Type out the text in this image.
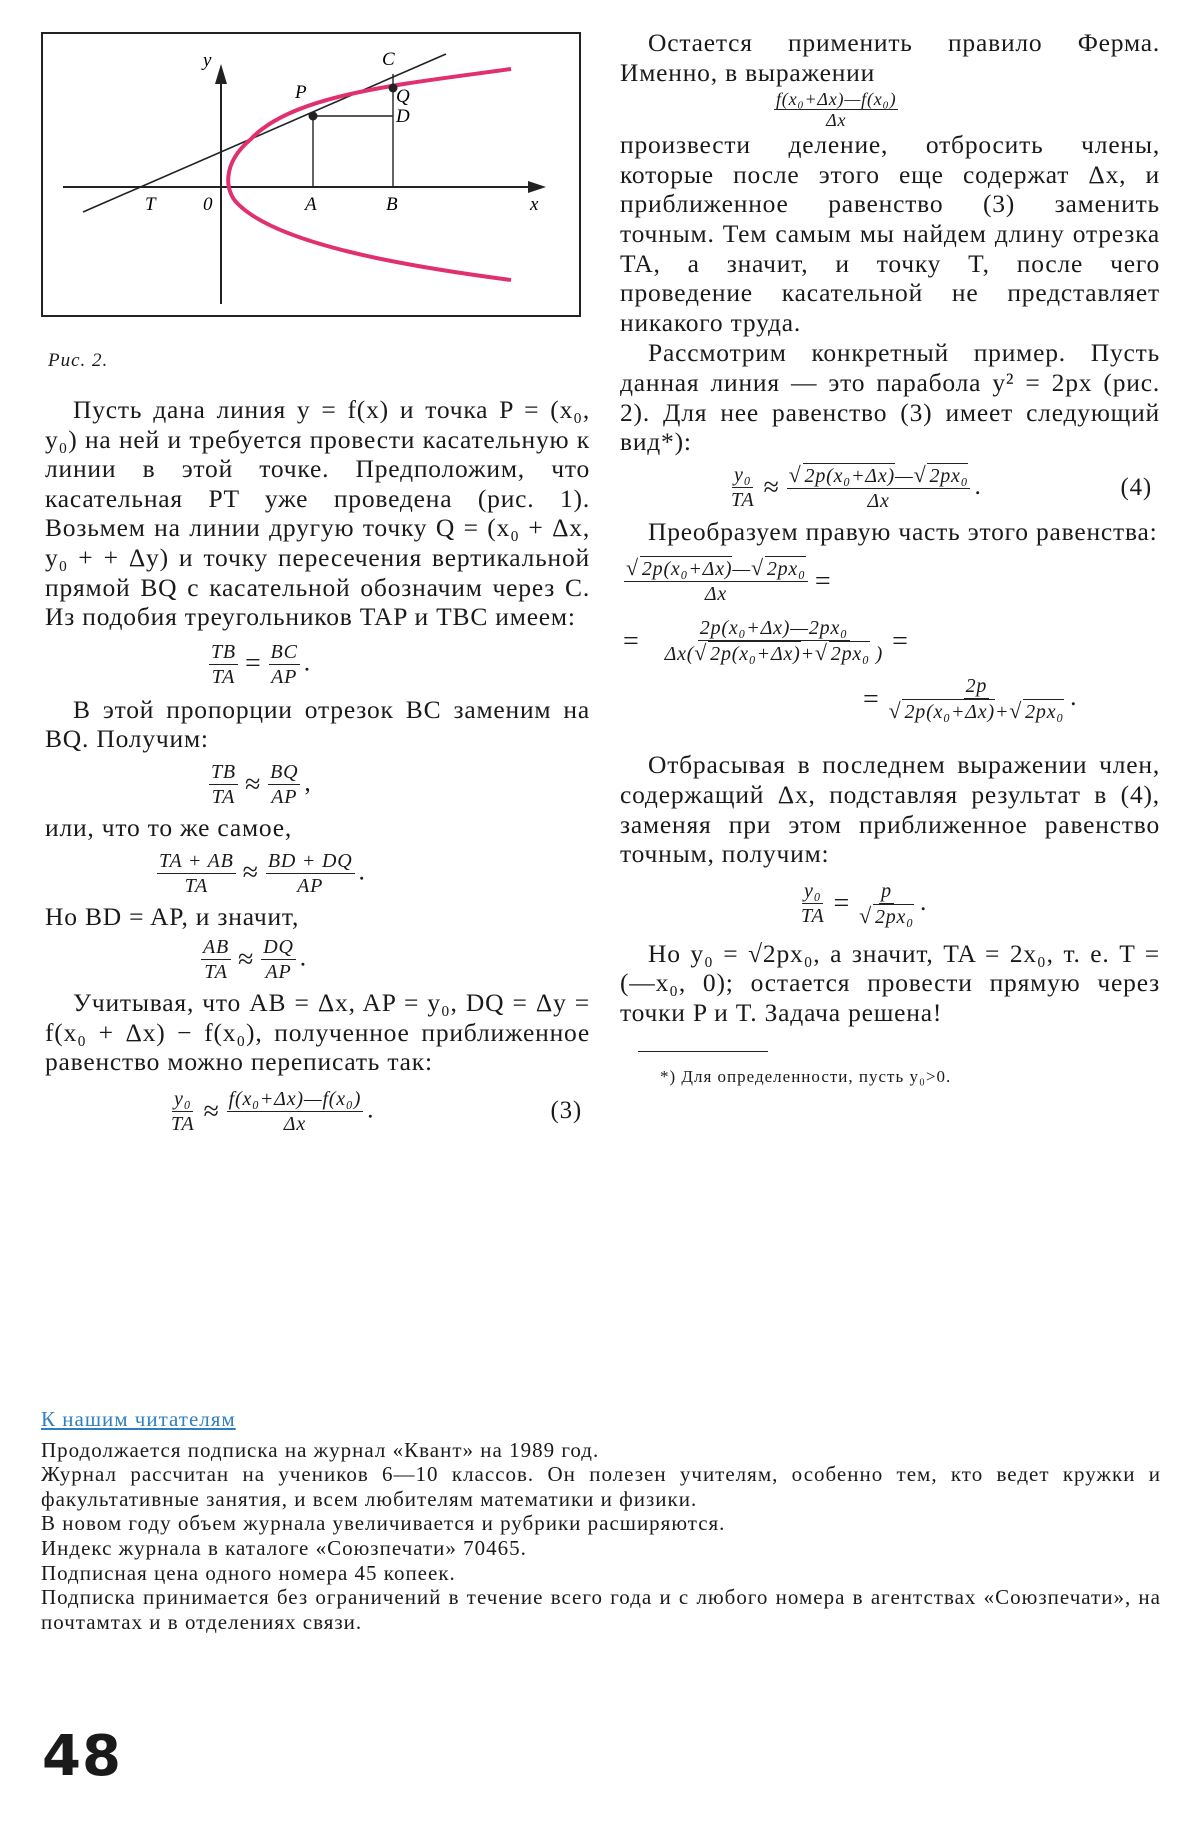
y
x
C
P	Q
D
T 0	A	B
Рис. 2.

Пусть дана линия y = f(x) и точка P = (x₀, y₀) на ней и требуется провести касательную к линии в этой точке. Предположим, что касательная PT уже проведена (рис. 1). Возьмем на линии другую точку Q = (x₀ + Δx, y₀ + + Δy) и точку пересечения вертикальной прямой BQ с касательной обозначим через C. Из подобия треугольников TAP и TBC имеем:

$\frac{TB}{TA} = \frac{BC}{AP}$ .

В этой пропорции отрезок BC заменим на BQ. Получим:

$\frac{TB}{TA} \approx \frac{BQ}{AP}$ ,

или, что то же самое,

$\frac{TA + AB}{TA} \approx \frac{BD + DQ}{AP}$ .

Но BD = AP, и значит,

$\frac{AB}{TA} \approx \frac{DQ}{AP}$ .

Учитывая, что AB = Δx, AP = y₀, DQ = Δy = f(x₀ + Δx) − f(x₀), полученное приближенное равенство можно переписать так:

$\frac{\text{y₀}}{TA} \approx \frac{\text{f(x₀+Δx)—f(x₀)}}{\Delta x}$ .	(3)

Остается применить правило Ферма. Именно, в выражении

$\frac{\text{f(x₀+Δx)—f(x₀)}}{\Delta x}$

произвести деление, отбросить члены, которые после этого еще содержат Δx, и приближенное равенство (3) заменить точным. Тем самым мы найдем длину отрезка TA, а значит, и точку T, после чего проведение касательной не представляет никакого труда.

Рассмотрим конкретный пример. Пусть данная линия — это парабола y² = 2px (рис. 2). Для нее равенство (3) имеет следующий вид*):

$\frac{\text{y₀}}{TA} \approx \frac{\text{√ 2p(x₀+Δx)—√ 2px₀}}{\Delta x}$ .	(4)

Преобразуем правую часть этого равенства:

$\frac{\text{√ 2p(x₀+Δx)—√ 2px₀}}{\Delta x}$ =
= $\frac{\text{2p(x₀+Δx)—2px₀}}{\text{Δx(√ 2p(x₀+Δx)+√ 2px₀ )}}$ =
= $\frac{2p}{\text{√ 2p(x₀+Δx)+√ 2px₀}}$ .

Отбрасывая в последнем выражении член, содержащий Δx, подставляя результат в (4), заменяя при этом приближенное равенство точным, получим:

$\frac{\text{y₀}}{TA} = \frac{p}{\text{√ 2px₀}}$ .

Но y₀ = √2px₀, а значит, TA = 2x₀, т. е. T = (—x₀, 0); остается провести прямую через точки P и T. Задача решена!

*) Для определенности, пусть y₀>0.
К нашим читателям

Продолжается подписка на журнал «Квант» на 1989 год.

Журнал рассчитан на учеников 6—10 классов. Он полезен учителям, особенно тем, кто ведет кружки и факультативные занятия, и всем любителям математики и физики.

В новом году объем журнала увеличивается и рубрики расширяются.

Индекс журнала в каталоге «Союзпечати» 70465.

Подписная цена одного номера 45 копеек.

Подписка принимается без ограничений в течение всего года и с любого номера в агентствах «Союзпечати», на почтамтах и в отделениях связи.

48
